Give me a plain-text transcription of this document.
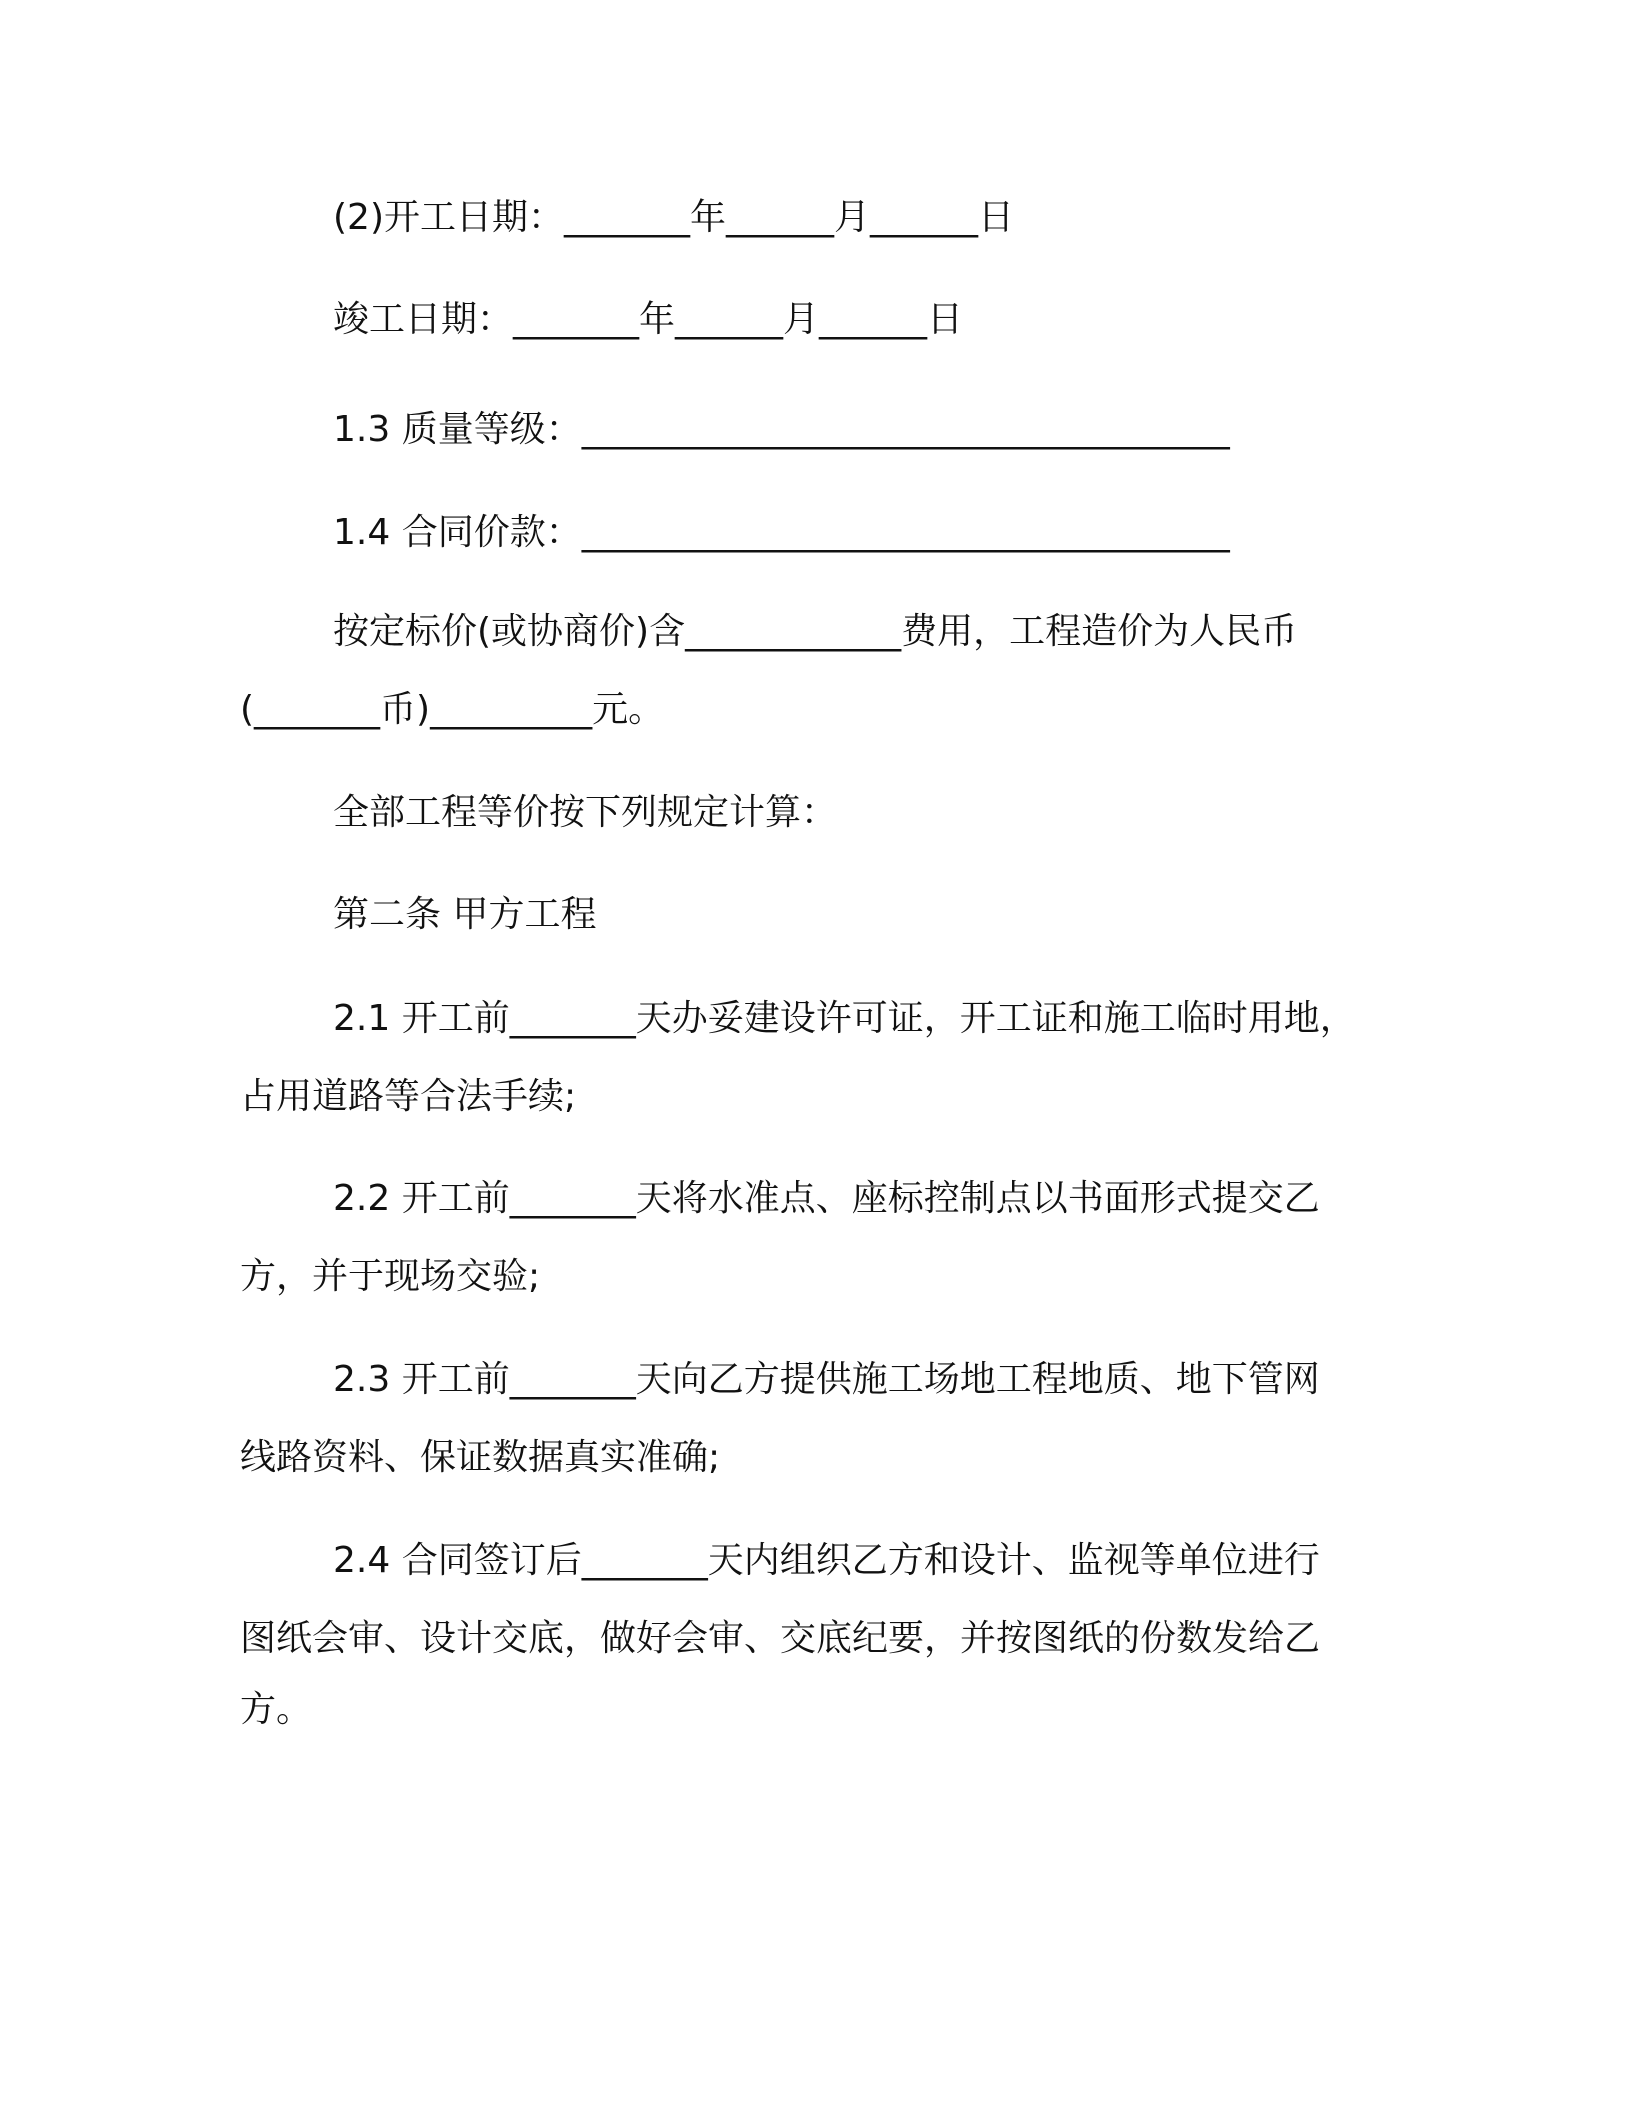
(2)开工日期：_______年______月______日
竣工日期：_______年______月______日
1.3 质量等级：____________________________________
1.4 合同价款：____________________________________
按定标价(或协商价)含____________费用，工程造价为人民币
(_______币)_________元。
全部工程等价按下列规定计算：
第二条 甲方工程
2.1 开工前_______天办妥建设许可证，开工证和施工临时用地，
占用道路等合法手续;
2.2 开工前_______天将水准点、座标控制点以书面形式提交乙
方，并于现场交验;
2.3 开工前_______天向乙方提供施工场地工程地质、地下管网
线路资料、保证数据真实准确;
2.4 合同签订后_______天内组织乙方和设计、监视等单位进行
图纸会审、设计交底，做好会审、交底纪要，并按图纸的份数发给乙
方。
